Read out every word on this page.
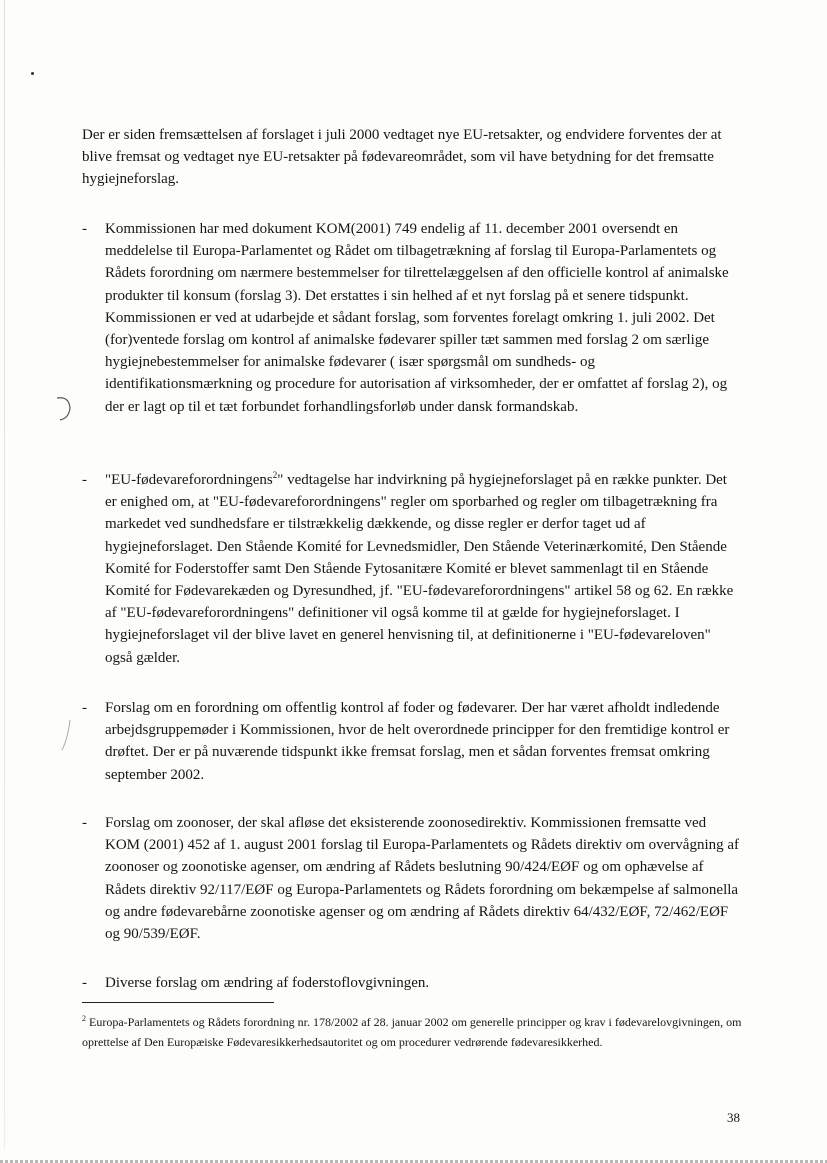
Der er siden fremsættelsen af forslaget i juli 2000 vedtaget nye EU-retsakter, og endvidere forventes der at blive fremsat og vedtaget nye EU-retsakter på fødevareområdet, som vil have betydning for det fremsatte hygiejneforslag.

- Kommissionen har med dokument KOM(2001) 749 endelig af 11. december 2001 oversendt en meddelelse til Europa-Parlamentet og Rådet om tilbagetrækning af forslag til Europa-Parlamentets og Rådets forordning om nærmere bestemmelser for tilrettelæggelsen af den officielle kontrol af animalske produkter til konsum (forslag 3). Det erstattes i sin helhed af et nyt forslag på et senere tidspunkt. Kommissionen er ved at udarbejde et sådant forslag, som forventes forelagt omkring 1. juli 2002. Det (for)ventede forslag om kontrol af animalske fødevarer spiller tæt sammen med forslag 2 om særlige hygiejnebestemmelser for animalske fødevarer ( især spørgsmål om sundheds- og identifikationsmærkning og procedure for autorisation af virksomheder, der er omfattet af forslag 2), og der er lagt op til et tæt forbundet forhandlingsforløb under dansk formandskab.

- "EU-fødevareforordningens$^2$" vedtagelse har indvirkning på hygiejneforslaget på en række punkter. Det er enighed om, at "EU-fødevareforordningens" regler om sporbarhed og regler om tilbagetrækning fra markedet ved sundhedsfare er tilstrækkelig dækkende, og disse regler er derfor taget ud af hygiejneforslaget. Den Stående Komité for Levnedsmidler, Den Stående Veterinærkomité, Den Stående Komité for Foderstoffer samt Den Stående Fytosanitære Komité er blevet sammenlagt til en Stående Komité for Fødevarekæden og Dyresundhed, jf. "EU-fødevareforordningens" artikel 58 og 62. En række af "EU-fødevareforordningens" definitioner vil også komme til at gælde for hygiejneforslaget. I hygiejneforslaget vil der blive lavet en generel henvisning til, at definitionerne i "EU-fødevareloven" også gælder.

- Forslag om en forordning om offentlig kontrol af foder og fødevarer. Der har været afholdt indledende arbejdsgruppemøder i Kommissionen, hvor de helt overordnede principper for den fremtidige kontrol er drøftet. Der er på nuværende tidspunkt ikke fremsat forslag, men et sådan forventes fremsat omkring september 2002.

- Forslag om zoonoser, der skal afløse det eksisterende zoonosedirektiv. Kommissionen fremsatte ved KOM (2001) 452 af 1. august 2001 forslag til Europa-Parlamentets og Rådets direktiv om overvågning af zoonoser og zoonotiske agenser, om ændring af Rådets beslutning 90/424/EØF og om ophævelse af Rådets direktiv 92/117/EØF og Europa-Parlamentets og Rådets forordning om bekæmpelse af salmonella og andre fødevarebårne zoonotiske agenser og om ændring af Rådets direktiv 64/432/EØF, 72/462/EØF og 90/539/EØF.

- Diverse forslag om ændring af foderstoflovgivningen.

$^2$ Europa-Parlamentets og Rådets forordning nr. 178/2002 af 28. januar 2002 om generelle principper og krav i fødevarelovgivningen, om oprettelse af Den Europæiske Fødevaresikkerhedsautoritet og om procedurer vedrørende fødevaresikkerhed.

38
